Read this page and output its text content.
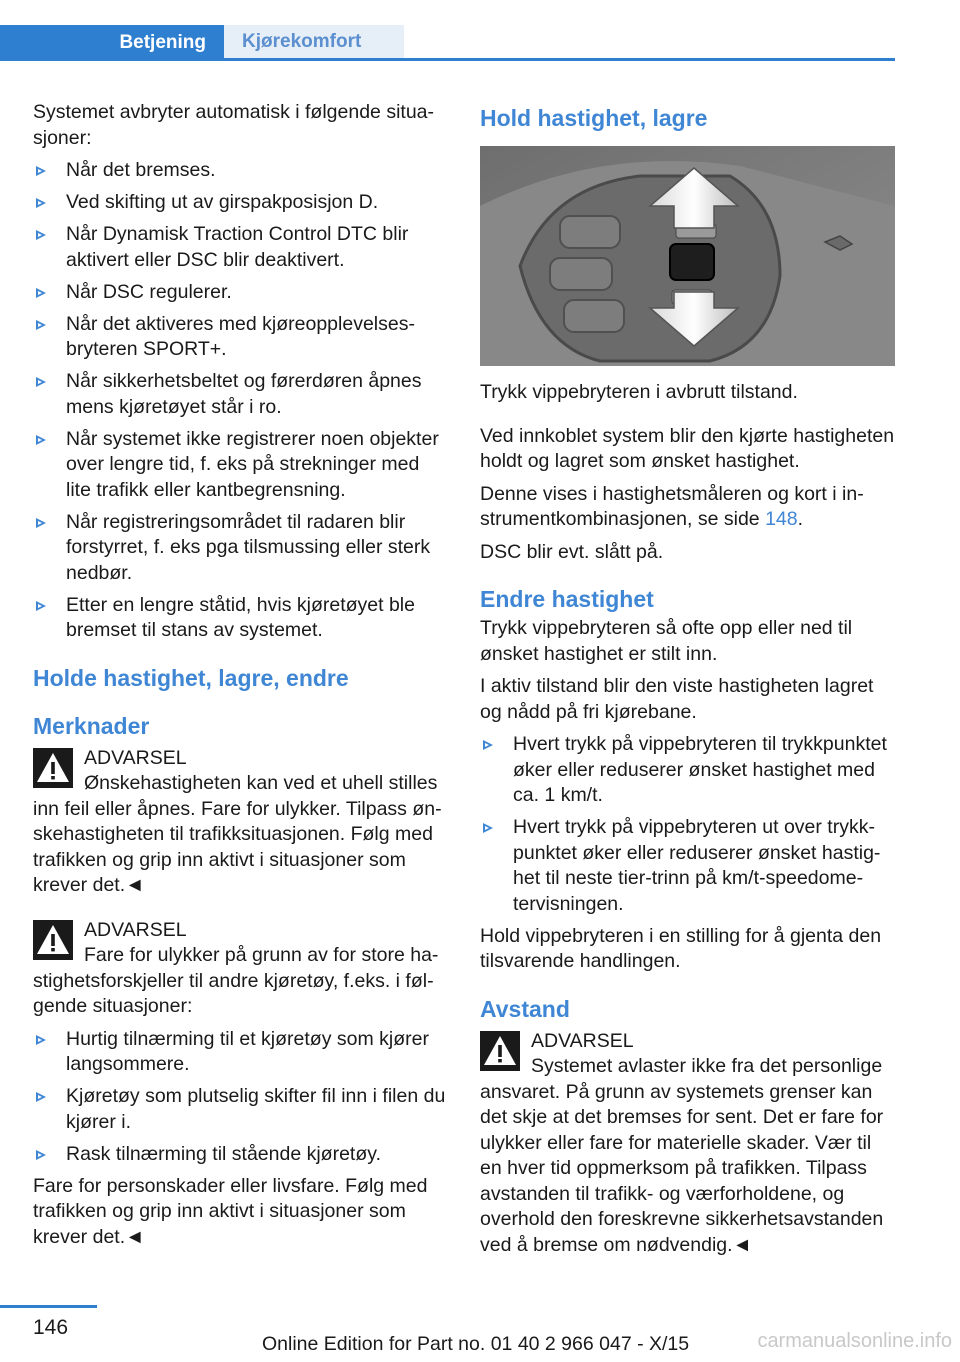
Betjening	Kjørekomfort

Systemet avbryter automatisk i følgende situasjoner:

Når det bremses.
Ved skifting ut av girspakposisjon D.
Når Dynamisk Traction Control DTC blir aktivert eller DSC blir deaktivert.
Når DSC regulerer.
Når det aktiveres med kjøreopplevelsesbryteren SPORT+.
Når sikkerhetsbeltet og førerdøren åpnes mens kjøretøyet står i ro.
Når systemet ikke registrerer noen objekter over lengre tid, f. eks på strekninger med lite trafikk eller kantbegrensning.
Når registreringsområdet til radaren blir forstyrret, f. eks pga tilsmussing eller sterk nedbør.
Etter en lengre ståtid, hvis kjøretøyet ble bremset til stans av systemet.
Holde hastighet, lagre, endre
Merknader
ADVARSEL

Ønskehastigheten kan ved et uhell stilles inn feil eller åpnes. Fare for ulykker. Tilpass ønskehastigheten til trafikksituasjonen. Følg med trafikken og grip inn aktivt i situasjoner som krever det.◄

ADVARSEL

Fare for ulykker på grunn av for store hastighetsforskjeller til andre kjøretøy, f.eks. i følgende situasjoner:

Hurtig tilnærming til et kjøretøy som kjører langsommere.
Kjøretøy som plutselig skifter fil inn i filen du kjører i.
Rask tilnærming til stående kjøretøy.

Fare for personskader eller livsfare. Følg med trafikken og grip inn aktivt i situasjoner som krever det.◄

Hold hastighet, lagre

Trykk vippebryteren i avbrutt tilstand.

Ved innkoblet system blir den kjørte hastigheten holdt og lagret som ønsket hastighet.

Denne vises i hastighetsmåleren og kort i instrumentkombinasjonen, se side 148.

DSC blir evt. slått på.

Endre hastighet

Trykk vippebryteren så ofte opp eller ned til ønsket hastighet er stilt inn.

I aktiv tilstand blir den viste hastigheten lagret og nådd på fri kjørebane.

Hvert trykk på vippebryteren til trykkpunktet øker eller reduserer ønsket hastighet med ca. 1 km/t.
Hvert trykk på vippebryteren ut over trykkpunktet øker eller reduserer ønsket hastighet til neste tier-trinn på km/t-speedometervisningen.

Hold vippebryteren i en stilling for å gjenta den tilsvarende handlingen.

Avstand
ADVARSEL

Systemet avlaster ikke fra det personlige ansvaret. På grunn av systemets grenser kan det skje at det bremses for sent. Det er fare for ulykker eller fare for materielle skader. Vær til en hver tid oppmerksom på trafikken. Tilpass avstanden til trafikk- og værforholdene, og overhold den foreskrevne sikkerhetsavstanden ved å bremse om nødvendig.◄

146
Online Edition for Part no. 01 40 2 966 047 - X/15	carmanualsonline.info
